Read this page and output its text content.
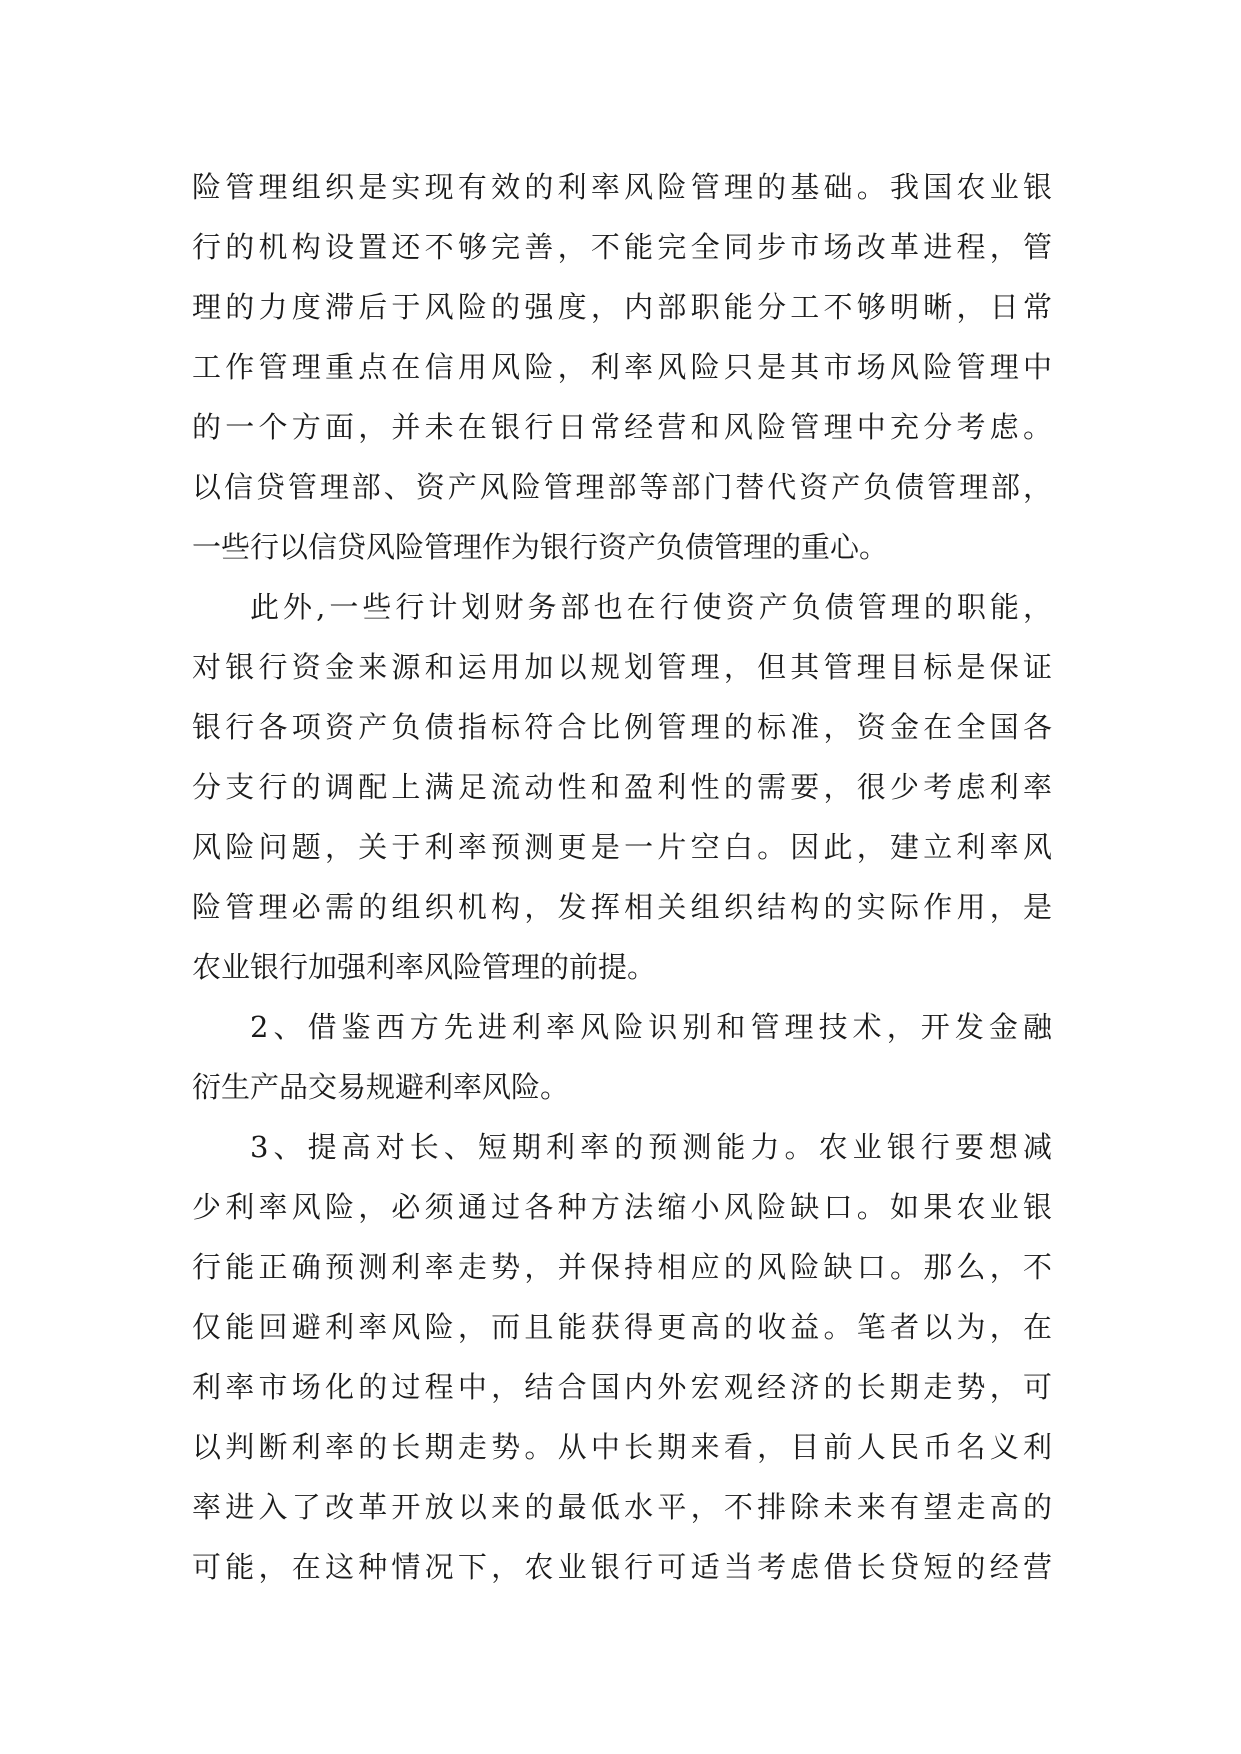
险管理组织是实现有效的利率风险管理的基础。我国农业银
行的机构设置还不够完善，不能完全同步市场改革进程，管
理的力度滞后于风险的强度，内部职能分工不够明晰，日常
工作管理重点在信用风险，利率风险只是其市场风险管理中
的一个方面，并未在银行日常经营和风险管理中充分考虑。
以信贷管理部、资产风险管理部等部门替代资产负债管理部，
一些行以信贷风险管理作为银行资产负债管理的重心。
此外,一些行计划财务部也在行使资产负债管理的职能，
对银行资金来源和运用加以规划管理，但其管理目标是保证
银行各项资产负债指标符合比例管理的标准，资金在全国各
分支行的调配上满足流动性和盈利性的需要，很少考虑利率
风险问题，关于利率预测更是一片空白。因此，建立利率风
险管理必需的组织机构，发挥相关组织结构的实际作用，是
农业银行加强利率风险管理的前提。
2、借鉴西方先进利率风险识别和管理技术，开发金融
衍生产品交易规避利率风险。
3、提高对长、短期利率的预测能力。农业银行要想减
少利率风险，必须通过各种方法缩小风险缺口。如果农业银
行能正确预测利率走势，并保持相应的风险缺口。那么，不
仅能回避利率风险，而且能获得更高的收益。笔者以为，在
利率市场化的过程中，结合国内外宏观经济的长期走势，可
以判断利率的长期走势。从中长期来看，目前人民币名义利
率进入了改革开放以来的最低水平，不排除未来有望走高的
可能，在这种情况下，农业银行可适当考虑借长贷短的经营
